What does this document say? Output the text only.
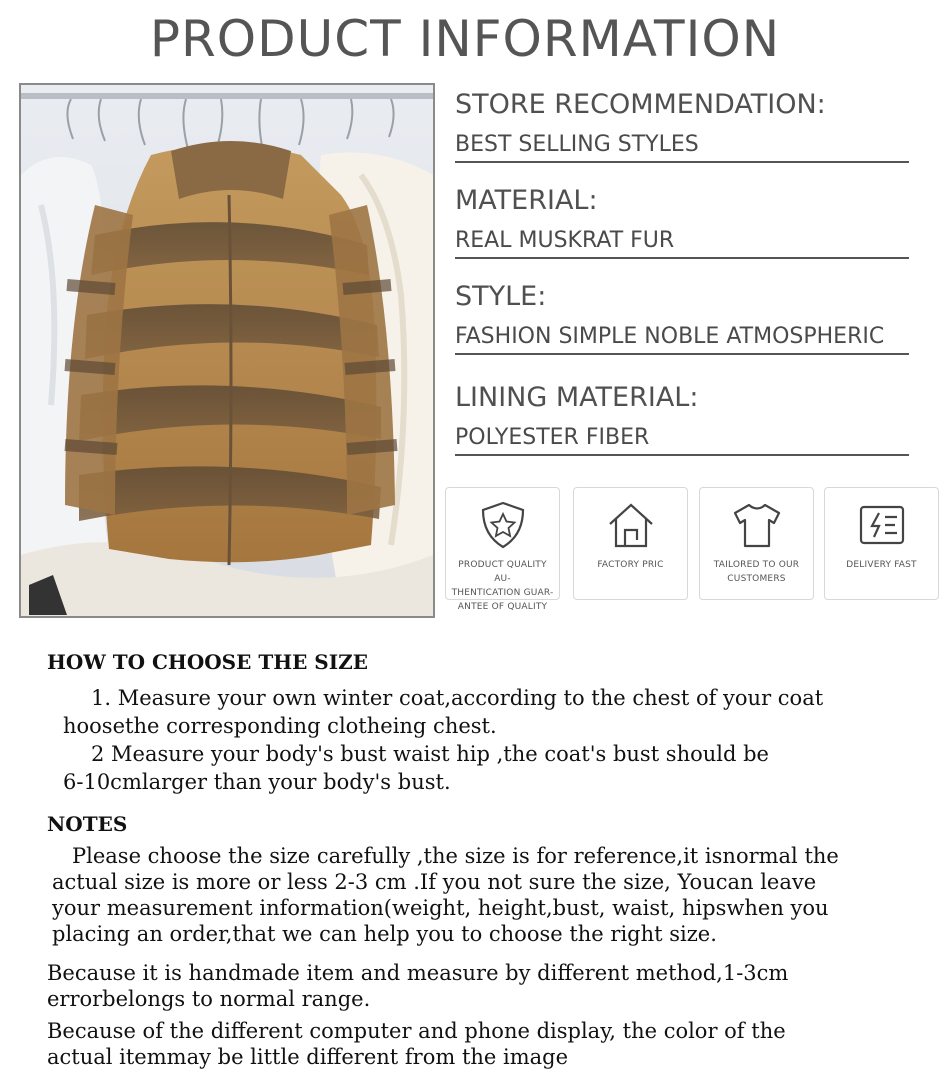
PRODUCT INFORMATION
STORE RECOMMENDATION:
BEST SELLING STYLES
MATERIAL:
REAL MUSKRAT FUR
STYLE:
FASHION SIMPLE NOBLE ATMOSPHERIC
LINING MATERIAL:
POLYESTER FIBER
PRODUCT QUALITY AU-
THENTICATION GUAR-
ANTEE OF QUALITY
FACTORY PRIC	TAILORED TO OUR
CUSTOMERS
DELIVERY FAST
HOW TO CHOOSE THE SIZE
1. Measure your own winter coat,according to the chest of your coat
hoosethe corresponding clotheing chest.
2 Measure your body's bust waist hip ,the coat's bust should be
6-10cmlarger than your body's bust.
NOTES
Please choose the size carefully ,the size is for reference,it isnormal the
actual size is more or less 2-3 cm .If you not sure the size, Youcan leave
your measurement information(weight, height,bust, waist, hipswhen you
placing an order,that we can help you to choose the right size.
Because it is handmade item and measure by different method,1-3cm
errorbelongs to normal range.
Because of the different computer and phone display, the color of the
actual itemmay be little different from the image
